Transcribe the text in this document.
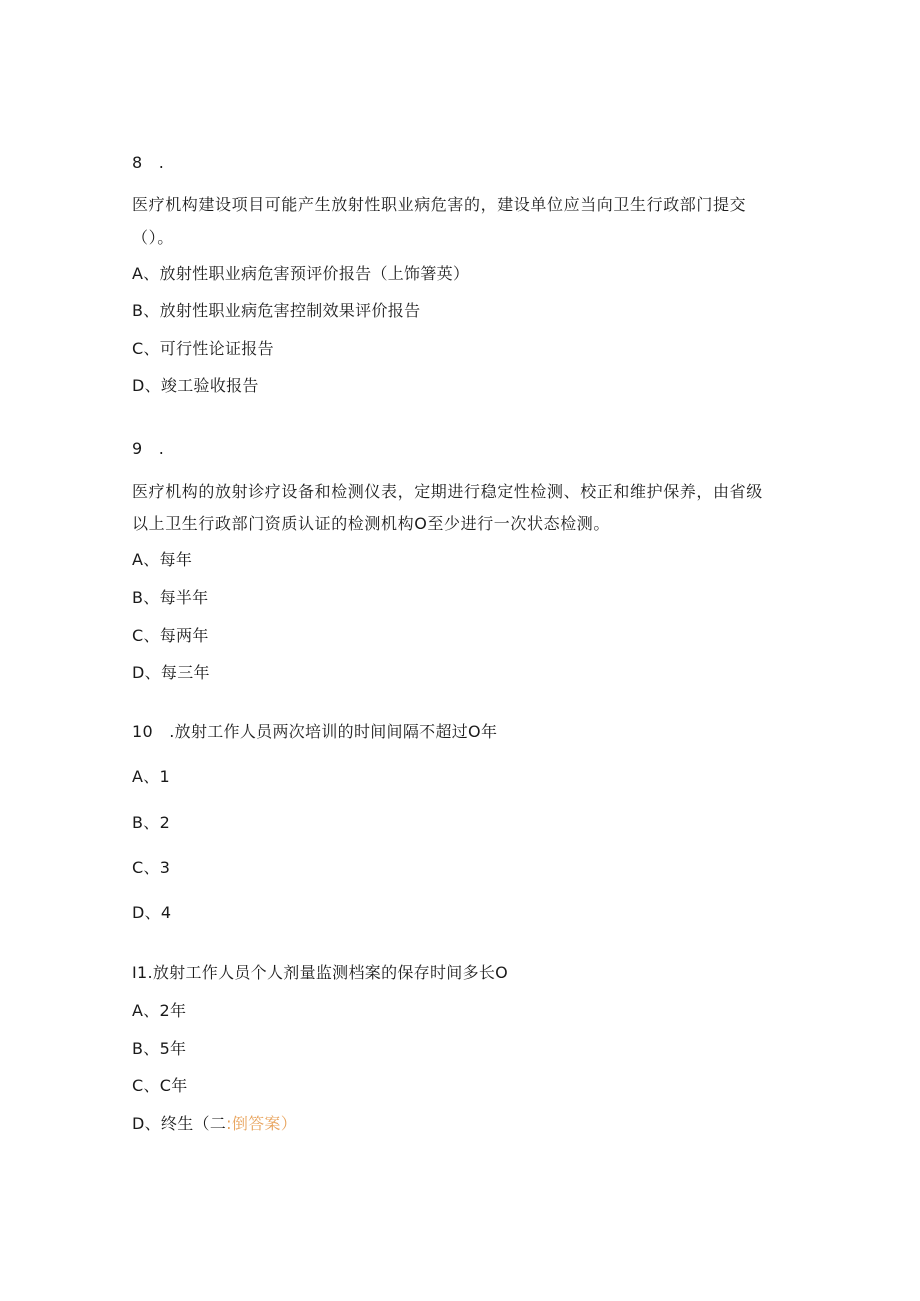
8　.
医疗机构建设项目可能产生放射性职业病危害的，建设单位应当向卫生行政部门提交
（）。
A、放射性职业病危害预评价报告（上饰箸英）
B、放射性职业病危害控制效果评价报告
C、可行性论证报告
D、竣工验收报告
9　.
医疗机构的放射诊疗设备和检测仪表，定期进行稳定性检测、校正和维护保养，由省级
以上卫生行政部门资质认证的检测机构O至少进行一次状态检测。
A、每年
B、每半年
C、每两年
D、每三年
10　.放射工作人员两次培训的时间间隔不超过O年
A、1
B、2
C、3
D、4
I1.放射工作人员个人剂量监测档案的保存时间多长O
A、2年
B、5年
C、C年
D、终生（二:倒答案）
